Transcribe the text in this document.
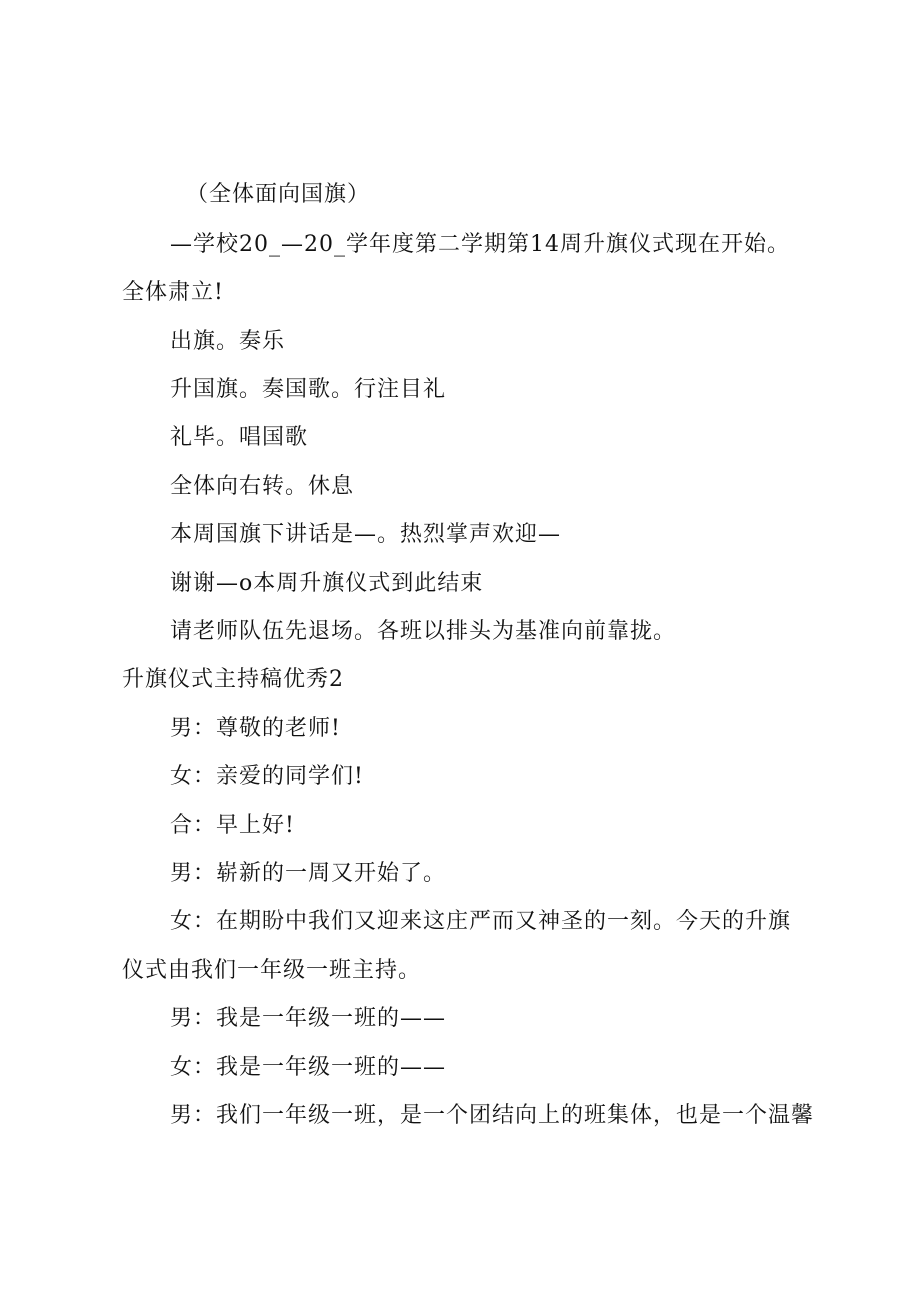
（全体面向国旗）
—学校20_—20_学年度第二学期第14周升旗仪式现在开始。
全体肃立!
出旗。奏乐
升国旗。奏国歌。行注目礼
礼毕。唱国歌
全体向右转。休息
本周国旗下讲话是—。热烈掌声欢迎—
谢谢—o本周升旗仪式到此结束
请老师队伍先退场。各班以排头为基准向前靠拢。
升旗仪式主持稿优秀2
男：尊敬的老师!
女：亲爱的同学们!
合：早上好!
男：崭新的一周又开始了。
女：在期盼中我们又迎来这庄严而又神圣的一刻。今天的升旗
仪式由我们一年级一班主持。
男：我是一年级一班的——
女：我是一年级一班的——
男：我们一年级一班，是一个团结向上的班集体，也是一个温馨
